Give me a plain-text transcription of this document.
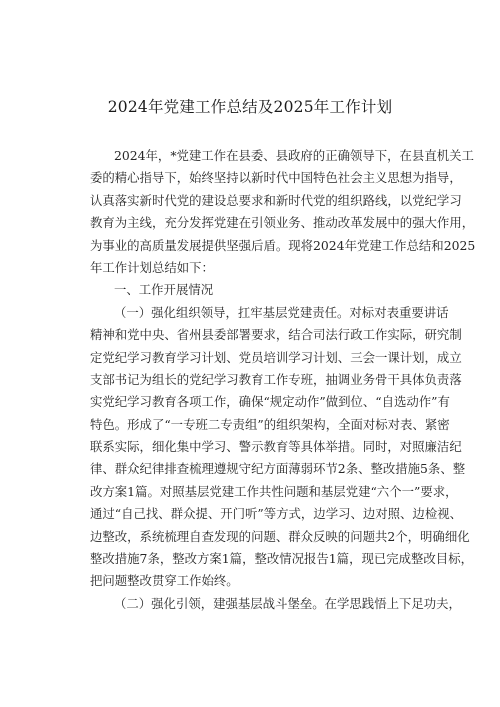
2024年党建工作总结及2025年工作计划
2024年，*党建工作在县委、县政府的正确领导下，在县直机关工
委的精心指导下，始终坚持以新时代中国特色社会主义思想为指导，
认真落实新时代党的建设总要求和新时代党的组织路线，以党纪学习
教育为主线，充分发挥党建在引领业务、推动改革发展中的强大作用，
为事业的高质量发展提供坚强后盾。现将2024年党建工作总结和2025
年工作计划总结如下：
一、工作开展情况
（一）强化组织领导，扛牢基层党建责任。对标对表重要讲话
精神和党中央、省州县委部署要求，结合司法行政工作实际，研究制
定党纪学习教育学习计划、党员培训学习计划、三会一课计划，成立
支部书记为组长的党纪学习教育工作专班，抽调业务骨干具体负责落
实党纪学习教育各项工作，确保“规定动作”做到位、“自选动作”有
特色。形成了“一专班二专责组”的组织架构，全面对标对表、紧密
联系实际，细化集中学习、警示教育等具体举措。同时，对照廉洁纪
律、群众纪律排查梳理遵规守纪方面薄弱环节2条、整改措施5条、整
改方案1篇。对照基层党建工作共性问题和基层党建“六个一”要求，
通过“自己找、群众提、开门听”等方式，边学习、边对照、边检视、
边整改，系统梳理自查发现的问题、群众反映的问题共2个，明确细化
整改措施7条，整改方案1篇，整改情况报告1篇，现已完成整改目标，
把问题整改贯穿工作始终。
（二）强化引领，建强基层战斗堡垒。在学思践悟上下足功夫，
